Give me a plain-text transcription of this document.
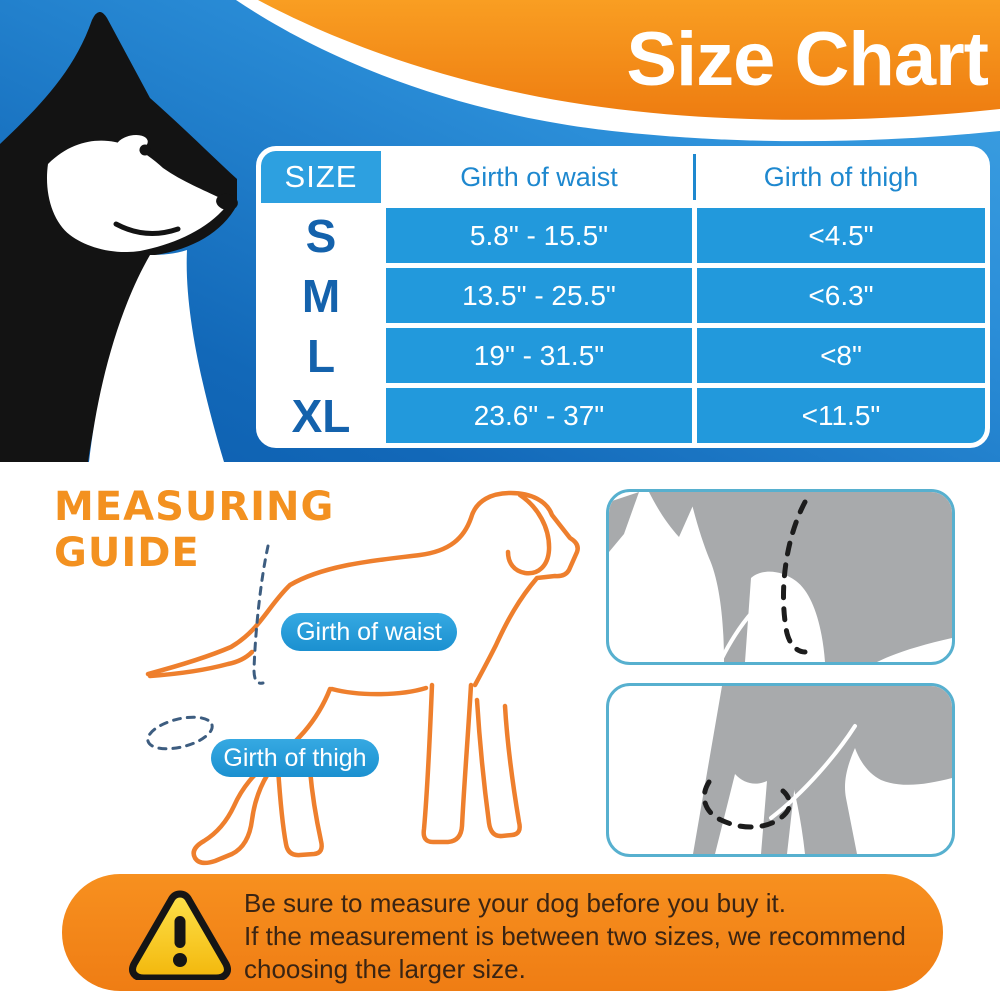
Size Chart
SIZE	Girth of waist	Girth of thigh
S	5.8" - 15.5"	<4.5"
M	13.5" - 25.5"	<6.3"
L	19" - 31.5"	<8"
XL	23.6" - 37"	<11.5"
MEASURING
GUIDE
Girth of waist
Girth of thigh
Be sure to measure your dog before you buy it.
If the measurement is between two sizes, we recommend
choosing the larger size.
